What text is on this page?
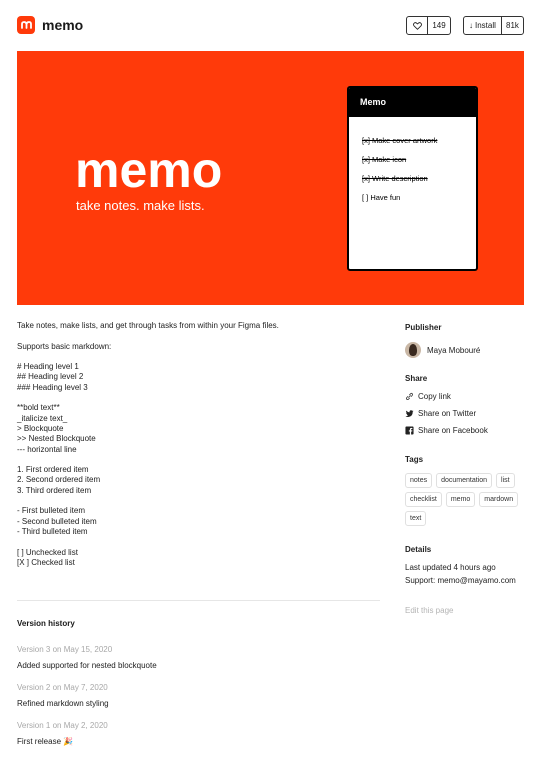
memo	149	↓ Install	81k
memo
take notes. make lists.
Memo
[x] Make cover artwork
[x] Make icon
[x] Write description
[ ] Have fun
Take notes, make lists, and get through tasks from within your Figma files.
Supports basic markdown:
# Heading level 1
## Heading level 2
### Heading level 3
**bold text**
_italicize text_
> Blockquote
>> Nested Blockquote
--- horizontal line
1. First ordered item
2. Second ordered item
3. Third ordered item
- First bulleted item
- Second bulleted item
- Third bulleted item
[ ] Unchecked list
[X ] Checked list
Version history
Version 3 on May 15, 2020
Added supported for nested blockquote
Version 2 on May 7, 2020
Refined markdown styling
Version 1 on May 2, 2020
First release 🎉
Publisher
Maya Mobouré
Share
Copy link
Share on Twitter
Share on Facebook
Tags
notes	documentation	list
checklist	memo	mardown
text
Details
Last updated 4 hours ago
Support: memo@mayamo.com
Edit this page
